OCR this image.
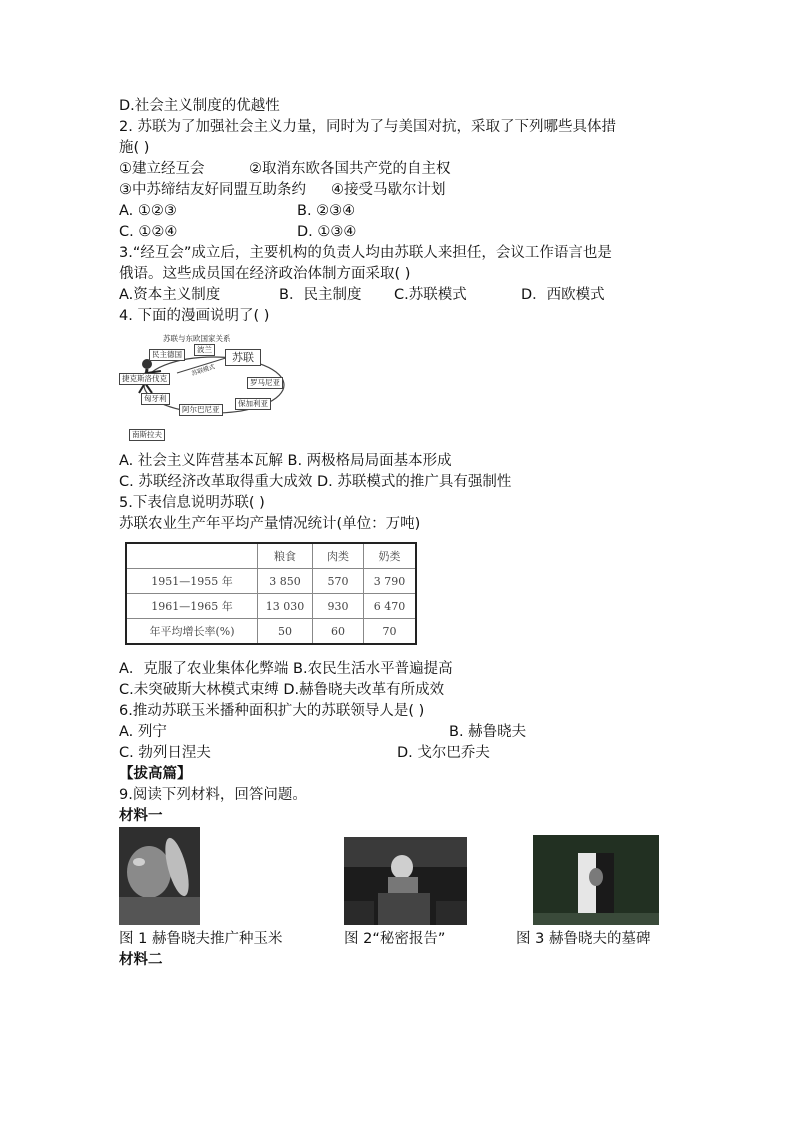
D.社会主义制度的优越性
2. 苏联为了加强社会主义力量，同时为了与美国对抗，采取了下列哪些具体措
施( )
①建立经互会	②取消东欧各国共产党的自主权
③中苏缔结友好同盟互助条约 ④接受马歇尔计划
A. ①②③	B. ②③④
C. ①②④	D. ①③④
3.“经互会”成立后，主要机构的负责人均由苏联人来担任，会议工作语言也是
俄语。这些成员国在经济政治体制方面采取( )
A.资本主义制度	B．民主制度 C.苏联模式	D．西欧模式
4. 下面的漫画说明了( )
苏联与东欧国家关系
民主德国
波兰
苏联
捷克斯洛伐克
苏联模式
罗马尼亚
匈牙利
保加利亚
阿尔巴尼亚
南斯拉夫
A. 社会主义阵营基本瓦解 B. 两极格局局面基本形成
C. 苏联经济改革取得重大成效 D. 苏联模式的推广具有强制性
5.下表信息说明苏联( )
苏联农业生产年平均产量情况统计(单位：万吨)
	粮食	肉类	奶类
1951—1955 年	3 850	570	3 790
1961—1965 年	13 030	930	6 470
年平均增长率(%)	50	60	70
A．克服了农业集体化弊端 B.农民生活水平普遍提高
C.未突破斯大林模式束缚 D.赫鲁晓夫改革有所成效
6.推动苏联玉米播种面积扩大的苏联领导人是( )
A. 列宁	B. 赫鲁晓夫
C. 勃列日涅夫	D. 戈尔巴乔夫
【拔高篇】
9.阅读下列材料，回答问题。
材料一
图 1 赫鲁晓夫推广种玉米	图 2“秘密报告”	图 3 赫鲁晓夫的墓碑
材料二
